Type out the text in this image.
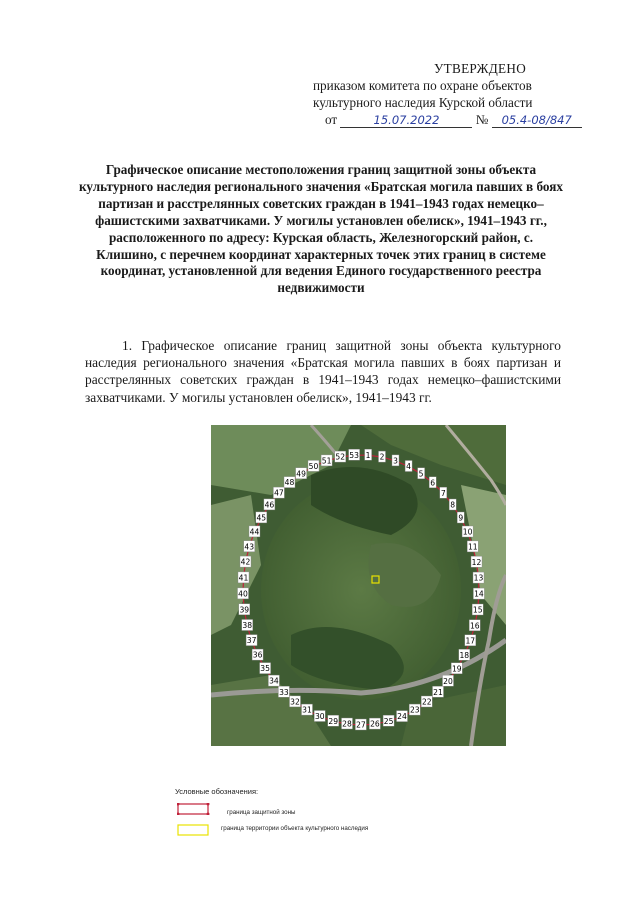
УТВЕРЖДЕНО
приказом комитета по охране объектов
культурного наследия Курской области
от	15.07.2022	№ 05.4-08/847
Графическое описание местоположения границ защитной зоны объекта культурного наследия регионального значения «Братская могила павших в боях партизан и расстрелянных советских граждан в 1941–1943 годах немецко–фашистскими захватчиками. У могилы установлен обелиск», 1941–1943 гг., расположенного по адресу: Курская область, Железногорский район, с. Клишино, с перечнем координат характерных точек этих границ в системе координат, установленной для ведения Единого государственного реестра недвижимости
1. Графическое описание границ защитной зоны объекта культурного наследия регионального значения «Братская могила павших в боях партизан и расстрелянных советских граждан в 1941–1943 годах немецко–фашистскими захватчиками. У могилы установлен обелиск», 1941–1943 гг.
1 2 3
4
5
6
7
8
9
10
11
12
13
14
15
16
17
18
19
20
21
22
23
24
25
26
27
28
29
30
31
32
33
34
35
36
37
38
39
40
41
42
43
44
45
46
47
48
49
50
51 52 53
Условные обозначения:
граница защитной зоны
граница территории объекта культурного наследия
